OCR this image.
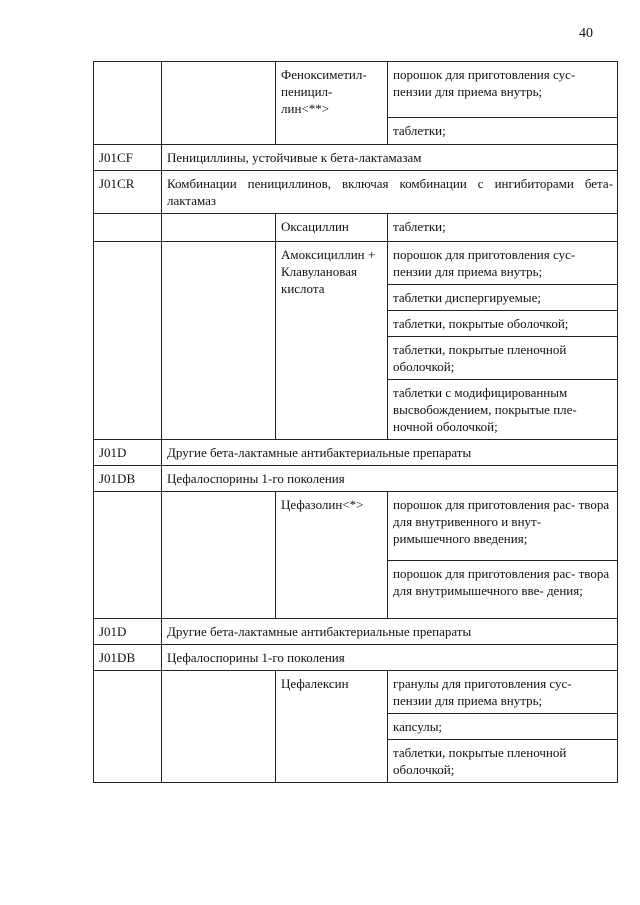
40
		Феноксиметил- пеницил- лин<**>	порошок для приготовления сус- пензии для приема внутрь;
			таблетки;
J01CF	Пенициллины, устойчивые к бета-лактамазам		
J01CR	Комбинации пенициллинов, включая комбинации с ингибиторами бета-лактамаз		
		Оксациллин	таблетки;
		Амоксициллин + Клавулановая кислота	порошок для приготовления сус- пензии для приема внутрь;
			таблетки диспергируемые;
			таблетки, покрытые оболочкой;
			таблетки, покрытые пленочной оболочкой;
			таблетки с модифицированным высвобождением, покрытые пле- ночной оболочкой;
J01D	Другие бета-лактамные антибактериальные препараты		
J01DB	Цефалоспорины 1-го поколения		
		Цефазолин<*>	порошок для приготовления рас- твора для внутривенного и внут- римышечного введения;
			порошок для приготовления рас- твора для внутримышечного вве- дения;
J01D	Другие бета-лактамные антибактериальные препараты		
J01DB	Цефалоспорины 1-го поколения		
		Цефалексин	гранулы для приготовления сус- пензии для приема внутрь;
			капсулы;
			таблетки, покрытые пленочной оболочкой;
